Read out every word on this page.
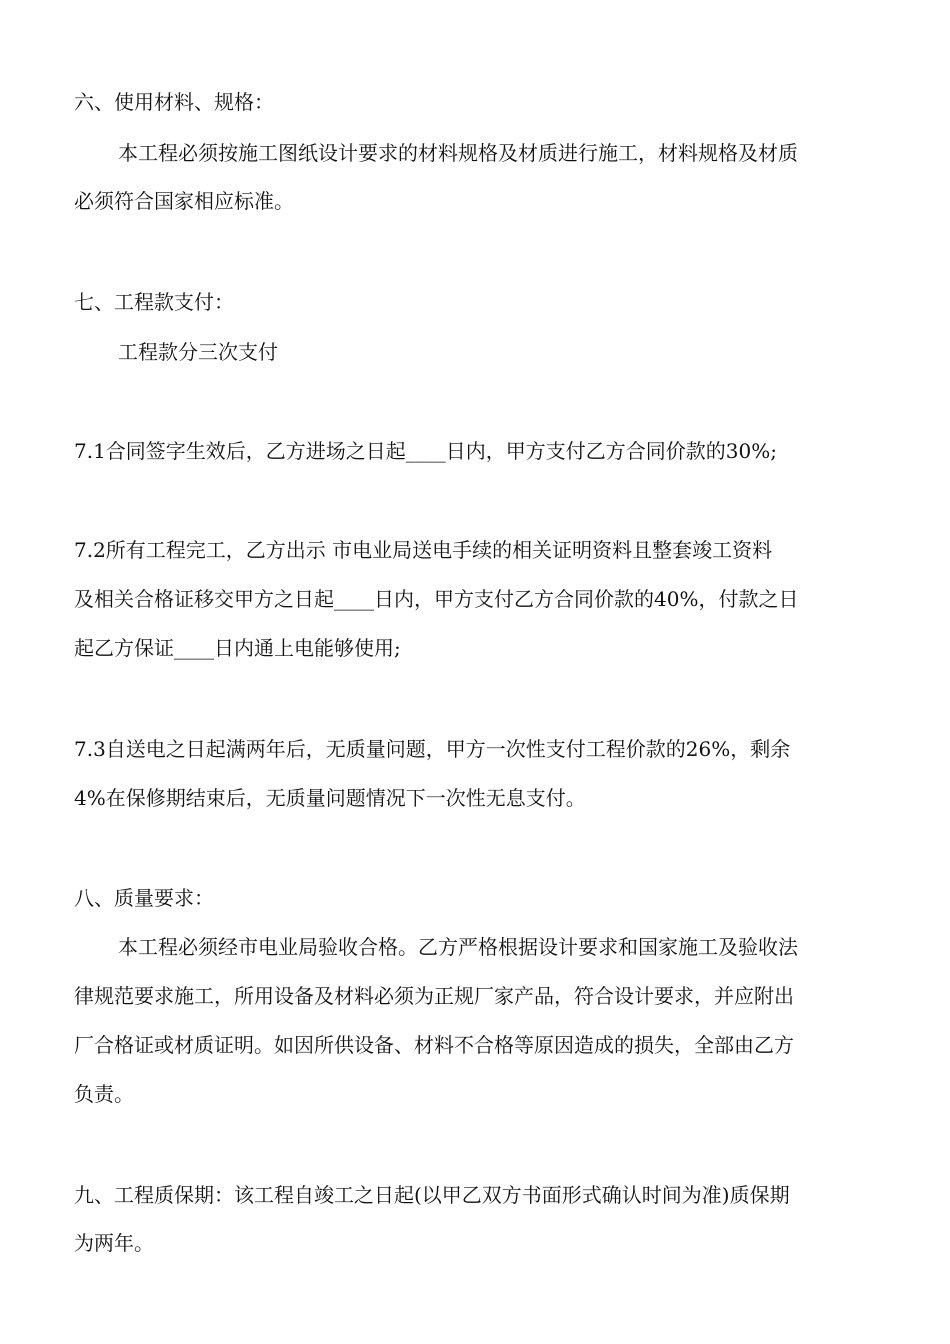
六、使用材料、规格：
本工程必须按施工图纸设计要求的材料规格及材质进行施工，材料规格及材质
必须符合国家相应标准。
七、工程款支付：
工程款分三次支付
7.1合同签字生效后，乙方进场之日起____日内，甲方支付乙方合同价款的30%;
7.2所有工程完工，乙方出示 市电业局送电手续的相关证明资料且整套竣工资料
及相关合格证移交甲方之日起____日内，甲方支付乙方合同价款的40%，付款之日
起乙方保证____日内通上电能够使用;
7.3自送电之日起满两年后，无质量问题，甲方一次性支付工程价款的26%，剩余
4%在保修期结束后，无质量问题情况下一次性无息支付。
八、质量要求：
本工程必须经市电业局验收合格。乙方严格根据设计要求和国家施工及验收法
律规范要求施工，所用设备及材料必须为正规厂家产品，符合设计要求，并应附出
厂合格证或材质证明。如因所供设备、材料不合格等原因造成的损失，全部由乙方
负责。
九、工程质保期：该工程自竣工之日起(以甲乙双方书面形式确认时间为准)质保期
为两年。
